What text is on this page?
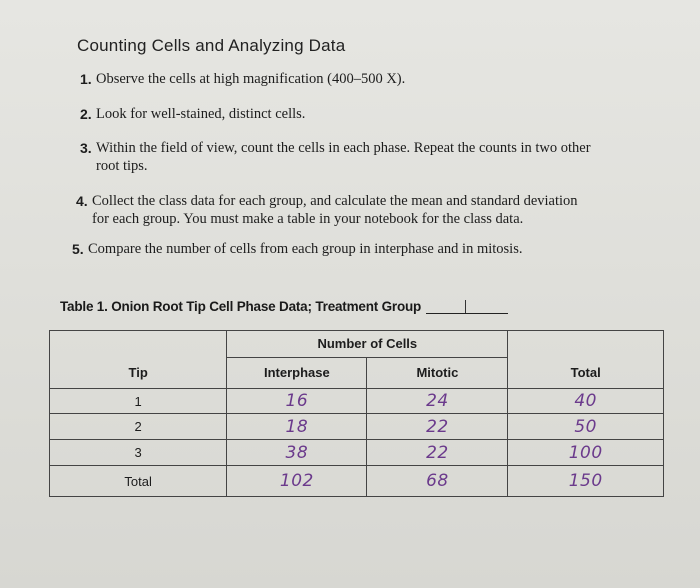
Counting Cells and Analyzing Data
1. Observe the cells at high magnification (400–500 X).
2. Look for well-stained, distinct cells.
3. Within the field of view, count the cells in each phase. Repeat the counts in two other
root tips.
4. Collect the class data for each group, and calculate the mean and standard deviation
for each group. You must make a table in your notebook for the class data.
5. Compare the number of cells from each group in interphase and in mitosis.
Table 1. Onion Root Tip Cell Phase Data; Treatment Group
	Number of Cells		
Tip	Interphase	Mitotic	Total
1	16	24	40
2	18	22	50
3	38	22	100
Total	102	68	150
